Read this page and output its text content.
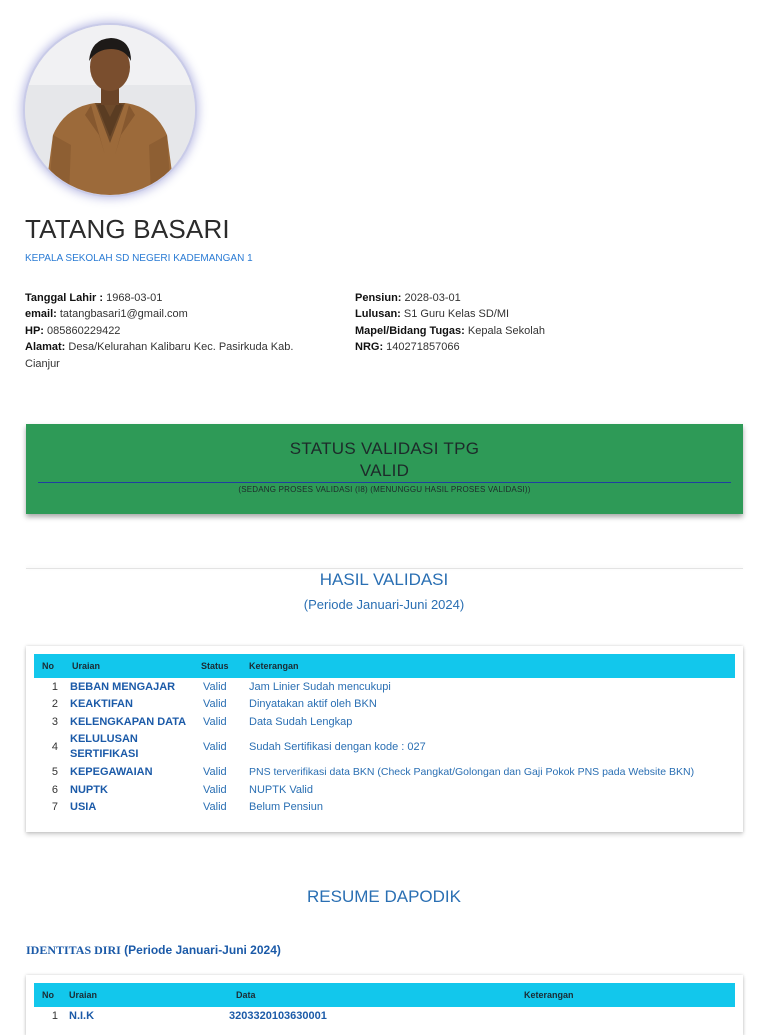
TATANG BASARI
KEPALA SEKOLAH SD NEGERI KADEMANGAN 1
Tanggal Lahir : 1968-03-01
email: tatangbasari1@gmail.com
HP: 085860229422
Alamat: Desa/Kelurahan Kalibaru Kec. Pasirkuda Kab. Cianjur
Pensiun: 2028-03-01
Lulusan: S1 Guru Kelas SD/MI
Mapel/Bidang Tugas: Kepala Sekolah
NRG: 140271857066
STATUS VALIDASI TPG
VALID
(SEDANG PROSES VALIDASI (I8) (MENUNGGU HASIL PROSES VALIDASI))
HASIL VALIDASI
(Periode Januari-Juni 2024)
No	Uraian	Status	Keterangan
1	BEBAN MENGAJAR	Valid	Jam Linier Sudah mencukupi
2	KEAKTIFAN	Valid	Dinyatakan aktif oleh BKN
3	KELENGKAPAN DATA	Valid	Data Sudah Lengkap
4	KELULUSAN SERTIFIKASI	Valid	Sudah Sertifikasi dengan kode : 027
5	KEPEGAWAIAN	Valid	PNS terverifikasi data BKN (Check Pangkat/Golongan dan Gaji Pokok PNS pada Website BKN)
6	NUPTK	Valid	NUPTK Valid
7	USIA	Valid	Belum Pensiun
RESUME DAPODIK
IDENTITAS DIRI (Periode Januari-Juni 2024)
No	Uraian	Data	Keterangan
1	N.I.K	3203320103630001	
